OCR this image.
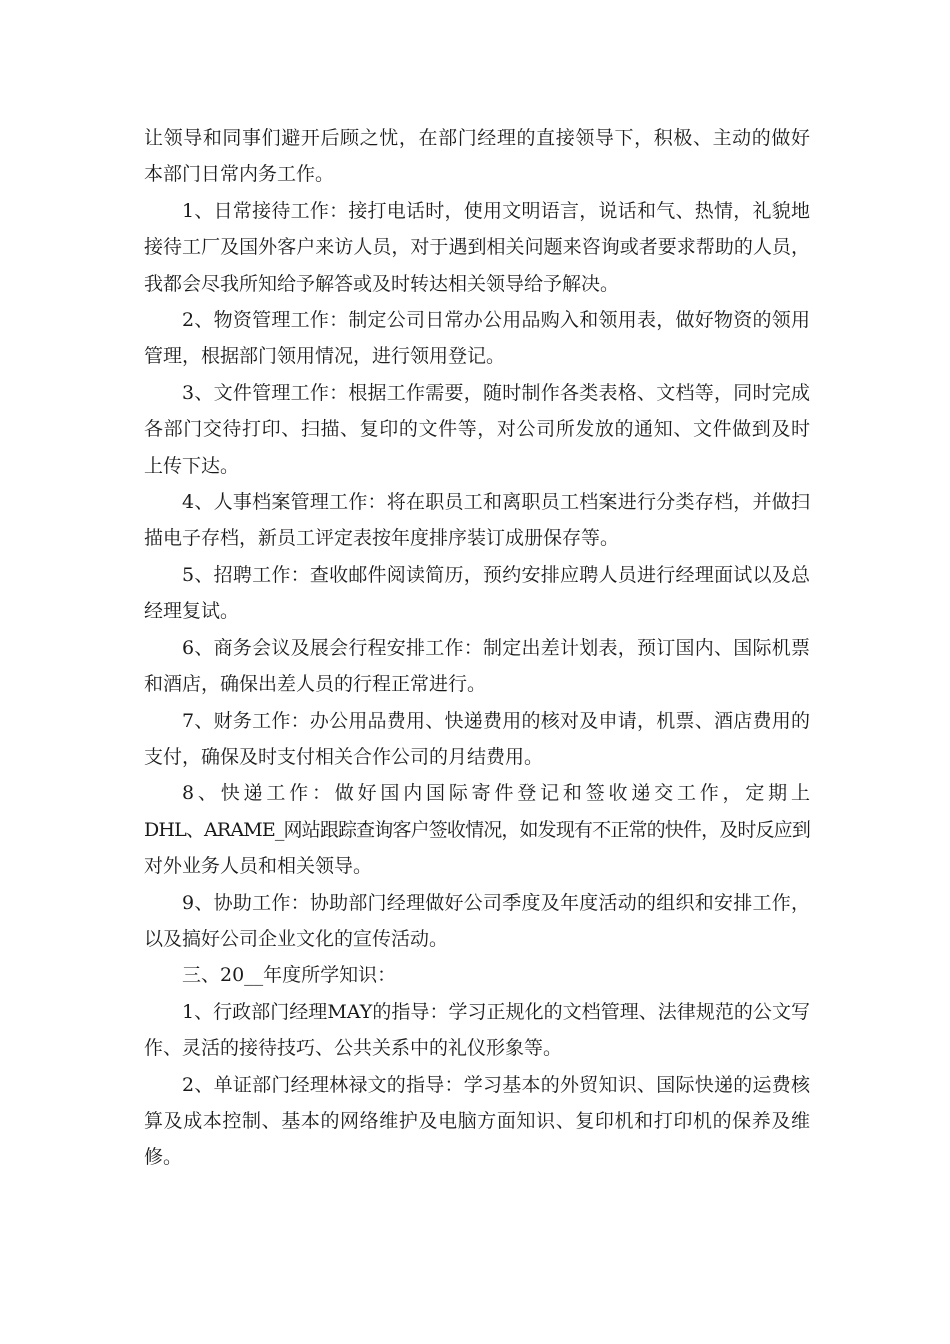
让领导和同事们避开后顾之忧，在部门经理的直接领导下，积极、主动的做好
本部门日常内务工作。

1、日常接待工作：接打电话时，使用文明语言，说话和气、热情，礼貌地
接待工厂及国外客户来访人员，对于遇到相关问题来咨询或者要求帮助的人员，
我都会尽我所知给予解答或及时转达相关领导给予解决。

2、物资管理工作：制定公司日常办公用品购入和领用表，做好物资的领用
管理，根据部门领用情况，进行领用登记。

3、文件管理工作：根据工作需要，随时制作各类表格、文档等，同时完成
各部门交待打印、扫描、复印的文件等，对公司所发放的通知、文件做到及时
上传下达。

4、人事档案管理工作：将在职员工和离职员工档案进行分类存档，并做扫
描电子存档，新员工评定表按年度排序装订成册保存等。

5、招聘工作：查收邮件阅读简历，预约安排应聘人员进行经理面试以及总
经理复试。

6、商务会议及展会行程安排工作：制定出差计划表，预订国内、国际机票
和酒店，确保出差人员的行程正常进行。

7、财务工作：办公用品费用、快递费用的核对及申请，机票、酒店费用的
支付，确保及时支付相关合作公司的月结费用。

8、快递工作：做好国内国际寄件登记和签收递交工作，定期上
DHL、ARAME_网站跟踪查询客户签收情况，如发现有不正常的快件，及时反应到
对外业务人员和相关领导。

9、协助工作：协助部门经理做好公司季度及年度活动的组织和安排工作，
以及搞好公司企业文化的宣传活动。

三、20__年度所学知识：

1、行政部门经理MAY的指导：学习正规化的文档管理、法律规范的公文写
作、灵活的接待技巧、公共关系中的礼仪形象等。

2、单证部门经理林禄文的指导：学习基本的外贸知识、国际快递的运费核
算及成本控制、基本的网络维护及电脑方面知识、复印机和打印机的保养及维
修。
